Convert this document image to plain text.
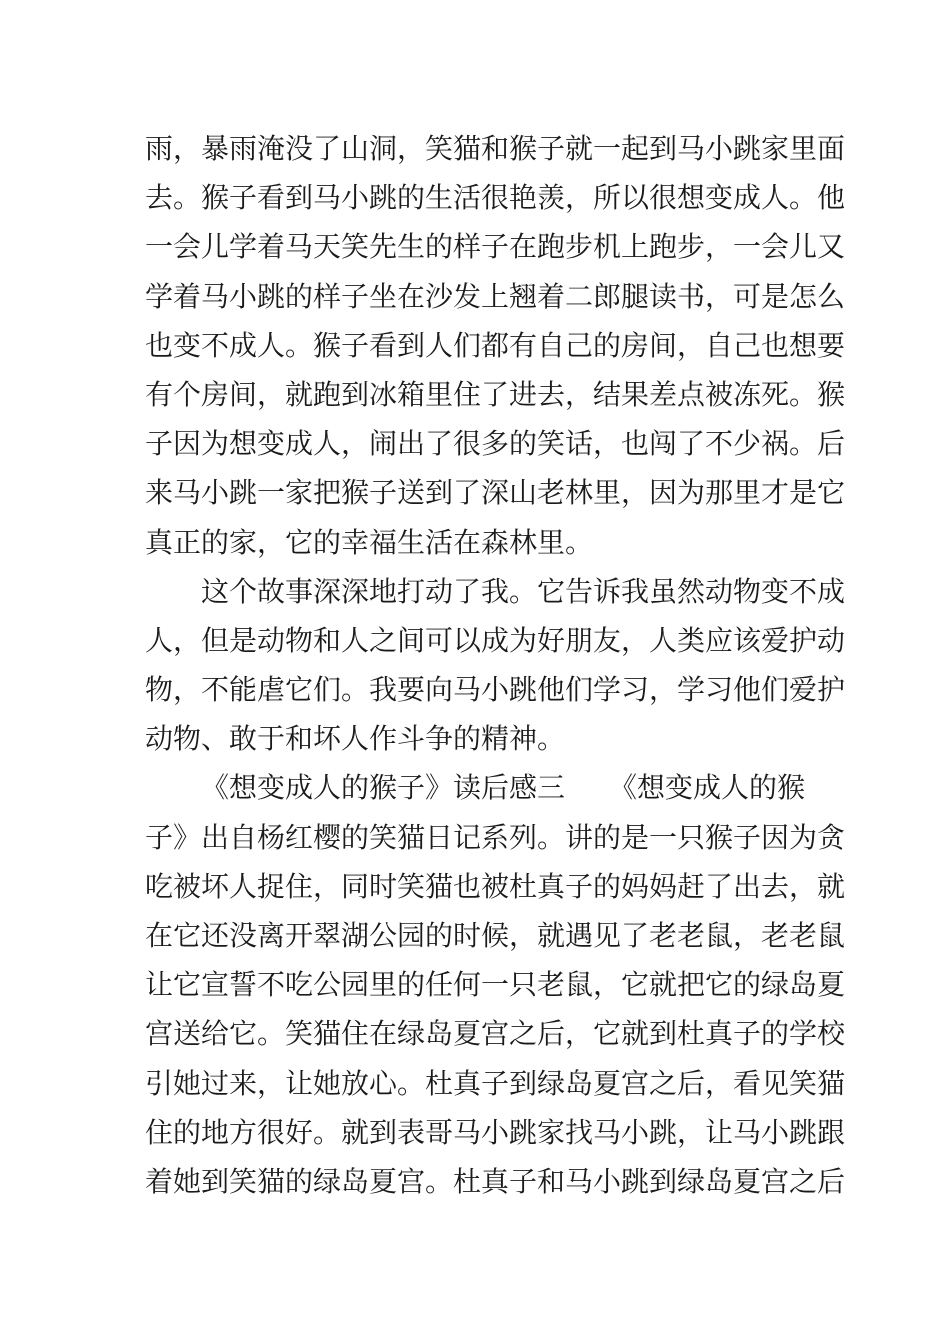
雨，暴雨淹没了山洞，笑猫和猴子就一起到马小跳家里面
去。猴子看到马小跳的生活很艳羡，所以很想变成人。他
一会儿学着马天笑先生的样子在跑步机上跑步，一会儿又
学着马小跳的样子坐在沙发上翘着二郎腿读书，可是怎么
也变不成人。猴子看到人们都有自己的房间，自己也想要
有个房间，就跑到冰箱里住了进去，结果差点被冻死。猴
子因为想变成人，闹出了很多的笑话，也闯了不少祸。后
来马小跳一家把猴子送到了深山老林里，因为那里才是它
真正的家，它的幸福生活在森林里。
这个故事深深地打动了我。它告诉我虽然动物变不成
人，但是动物和人之间可以成为好朋友，人类应该爱护动
物，不能虐它们。我要向马小跳他们学习，学习他们爱护
动物、敢于和坏人作斗争的精神。
《想变成人的猴子》读后感三 《想变成人的猴
子》出自杨红樱的笑猫日记系列。讲的是一只猴子因为贪
吃被坏人捉住，同时笑猫也被杜真子的妈妈赶了出去，就
在它还没离开翠湖公园的时候，就遇见了老老鼠，老老鼠
让它宣誓不吃公园里的任何一只老鼠，它就把它的绿岛夏
宫送给它。笑猫住在绿岛夏宫之后，它就到杜真子的学校
引她过来，让她放心。杜真子到绿岛夏宫之后，看见笑猫
住的地方很好。就到表哥马小跳家找马小跳，让马小跳跟
着她到笑猫的绿岛夏宫。杜真子和马小跳到绿岛夏宫之后
